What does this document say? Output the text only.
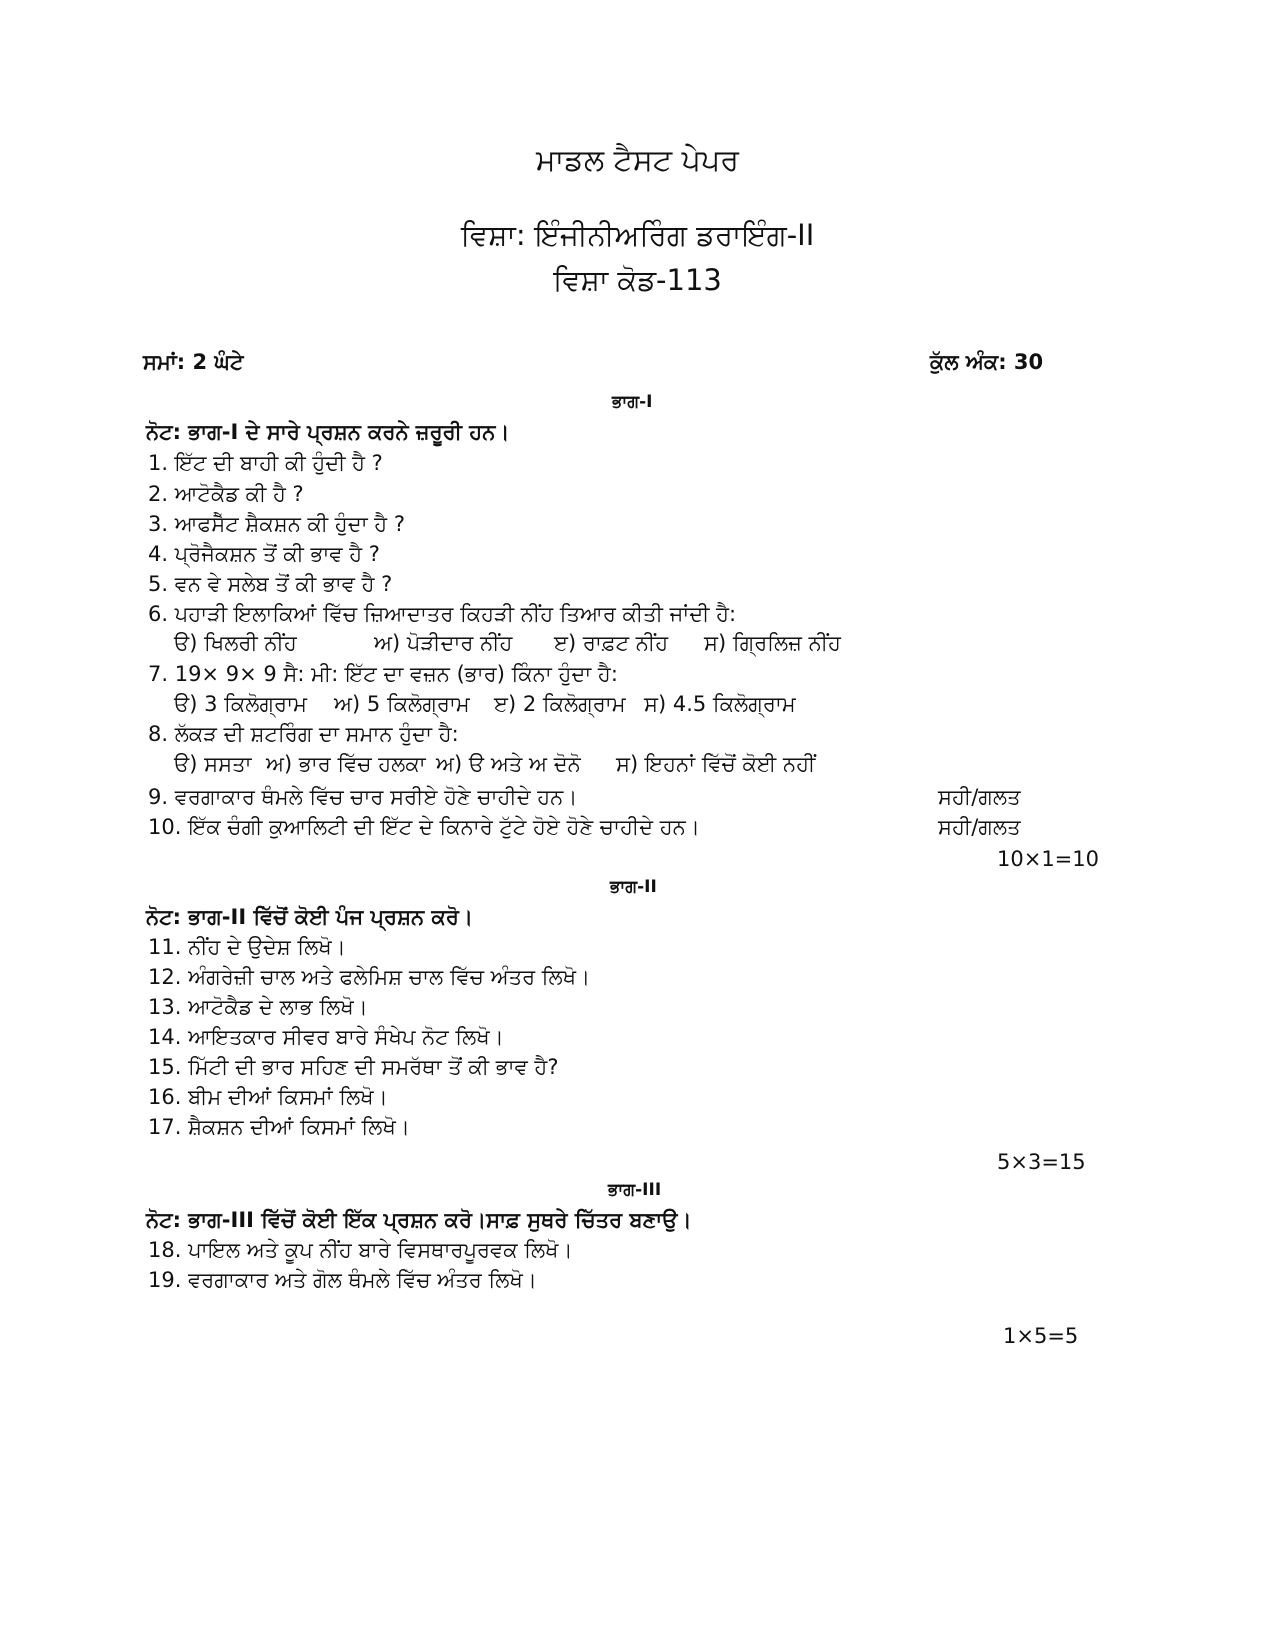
ਮਾਡਲ ਟੈਸਟ ਪੇਪਰ
ਵਿਸ਼ਾ: ਇੰਜੀਨੀਅਰਿੰਗ ਡਰਾਇੰਗ-II
ਵਿਸ਼ਾ ਕੋਡ-113
ਸਮਾਂ: 2 ਘੰਟੇ	ਕੁੱਲ ਅੰਕ: 30
ਭਾਗ-I
ਨੋਟ: ਭਾਗ-I ਦੇ ਸਾਰੇ ਪ੍ਰਸ਼ਨ ਕਰਨੇ ਜ਼ਰੂਰੀ ਹਨ।
1. ਇੱਟ ਦੀ ਬਾਹੀ ਕੀ ਹੁੰਦੀ ਹੈ ?
2. ਆਟੋਕੈਡ ਕੀ ਹੈ ?
3. ਆਫਸੈੱਟ ਸ਼ੈਕਸ਼ਨ ਕੀ ਹੁੰਦਾ ਹੈ ?
4. ਪ੍ਰੋਜੈਕਸ਼ਨ ਤੋਂ ਕੀ ਭਾਵ ਹੈ ?
5. ਵਨ ਵੇ ਸਲੇਬ ਤੋਂ ਕੀ ਭਾਵ ਹੈ ?
6. ਪਹਾੜੀ ਇਲਾਕਿਆਂ ਵਿੱਚ ਜ਼ਿਆਦਾਤਰ ਕਿਹੜੀ ਨੀਂਹ ਤਿਆਰ ਕੀਤੀ ਜਾਂਦੀ ਹੈ:
ੳ) ਖਿਲਰੀ ਨੀਂਹ	ਅ) ਪੋੜੀਦਾਰ ਨੀਂਹ ੲ) ਰਾਫ਼ਟ ਨੀਂਹ ਸ) ਗ੍ਰਿਲਿਜ਼ ਨੀਂਹ
7. 19× 9× 9 ਸੈ: ਮੀ: ਇੱਟ ਦਾ ਵਜ਼ਨ (ਭਾਰ) ਕਿੰਨਾ ਹੁੰਦਾ ਹੈ:
ੳ) 3 ਕਿਲੋਗ੍ਰਾਮ ਅ) 5 ਕਿਲੋਗ੍ਰਾਮ ੲ) 2 ਕਿਲੋਗ੍ਰਾਮ ਸ) 4.5 ਕਿਲੋਗ੍ਰਾਮ
8. ਲੱਕੜ ਦੀ ਸ਼ਟਰਿੰਗ ਦਾ ਸਮਾਨ ਹੁੰਦਾ ਹੈ:
ੳ) ਸਸਤਾ ਅ) ਭਾਰ ਵਿੱਚ ਹਲਕਾ ਅ) ੳ ਅਤੇ ਅ ਦੋਨੋ ਸ) ਇਹਨਾਂ ਵਿੱਚੋਂ ਕੋਈ ਨਹੀਂ
9. ਵਰਗਾਕਾਰ ਥੰਮਲੇ ਵਿੱਚ ਚਾਰ ਸਰੀਏ ਹੋਣੇ ਚਾਹੀਦੇ ਹਨ।	ਸਹੀ/ਗਲਤ
10. ਇੱਕ ਚੰਗੀ ਕੁਆਲਿਟੀ ਦੀ ਇੱਟ ਦੇ ਕਿਨਾਰੇ ਟੁੱਟੇ ਹੋਏ ਹੋਣੇ ਚਾਹੀਦੇ ਹਨ।	ਸਹੀ/ਗਲਤ
10×1=10
ਭਾਗ-II
ਨੋਟ: ਭਾਗ-II ਵਿੱਚੋਂ ਕੋਈ ਪੰਜ ਪ੍ਰਸ਼ਨ ਕਰੋ।
11. ਨੀਂਹ ਦੇ ਉਦੇਸ਼ ਲਿਖੋ।
12. ਅੰਗਰੇਜ਼ੀ ਚਾਲ ਅਤੇ ਫਲੇਮਿਸ਼ ਚਾਲ ਵਿੱਚ ਅੰਤਰ ਲਿਖੋ।
13. ਆਟੋਕੈਡ ਦੇ ਲਾਭ ਲਿਖੋ।
14. ਆਇਤਕਾਰ ਸੀਵਰ ਬਾਰੇ ਸੰਖੇਪ ਨੋਟ ਲਿਖੋ।
15. ਮਿੱਟੀ ਦੀ ਭਾਰ ਸਹਿਣ ਦੀ ਸਮਰੱਥਾ ਤੋਂ ਕੀ ਭਾਵ ਹੈ?
16. ਬੀਮ ਦੀਆਂ ਕਿਸਮਾਂ ਲਿਖੋ।
17. ਸ਼ੈਕਸ਼ਨ ਦੀਆਂ ਕਿਸਮਾਂ ਲਿਖੋ।
5×3=15
ਭਾਗ-III
ਨੋਟ: ਭਾਗ-III ਵਿੱਚੋਂ ਕੋਈ ਇੱਕ ਪ੍ਰਸ਼ਨ ਕਰੋ।ਸਾਫ਼ ਸੁਥਰੇ ਚਿੱਤਰ ਬਣਾਉ।
18. ਪਾਇਲ ਅਤੇ ਕੂਪ ਨੀਂਹ ਬਾਰੇ ਵਿਸਥਾਰਪੂਰਵਕ ਲਿਖੋ।
19. ਵਰਗਾਕਾਰ ਅਤੇ ਗੋਲ ਥੰਮਲੇ ਵਿੱਚ ਅੰਤਰ ਲਿਖੋ।
1×5=5
